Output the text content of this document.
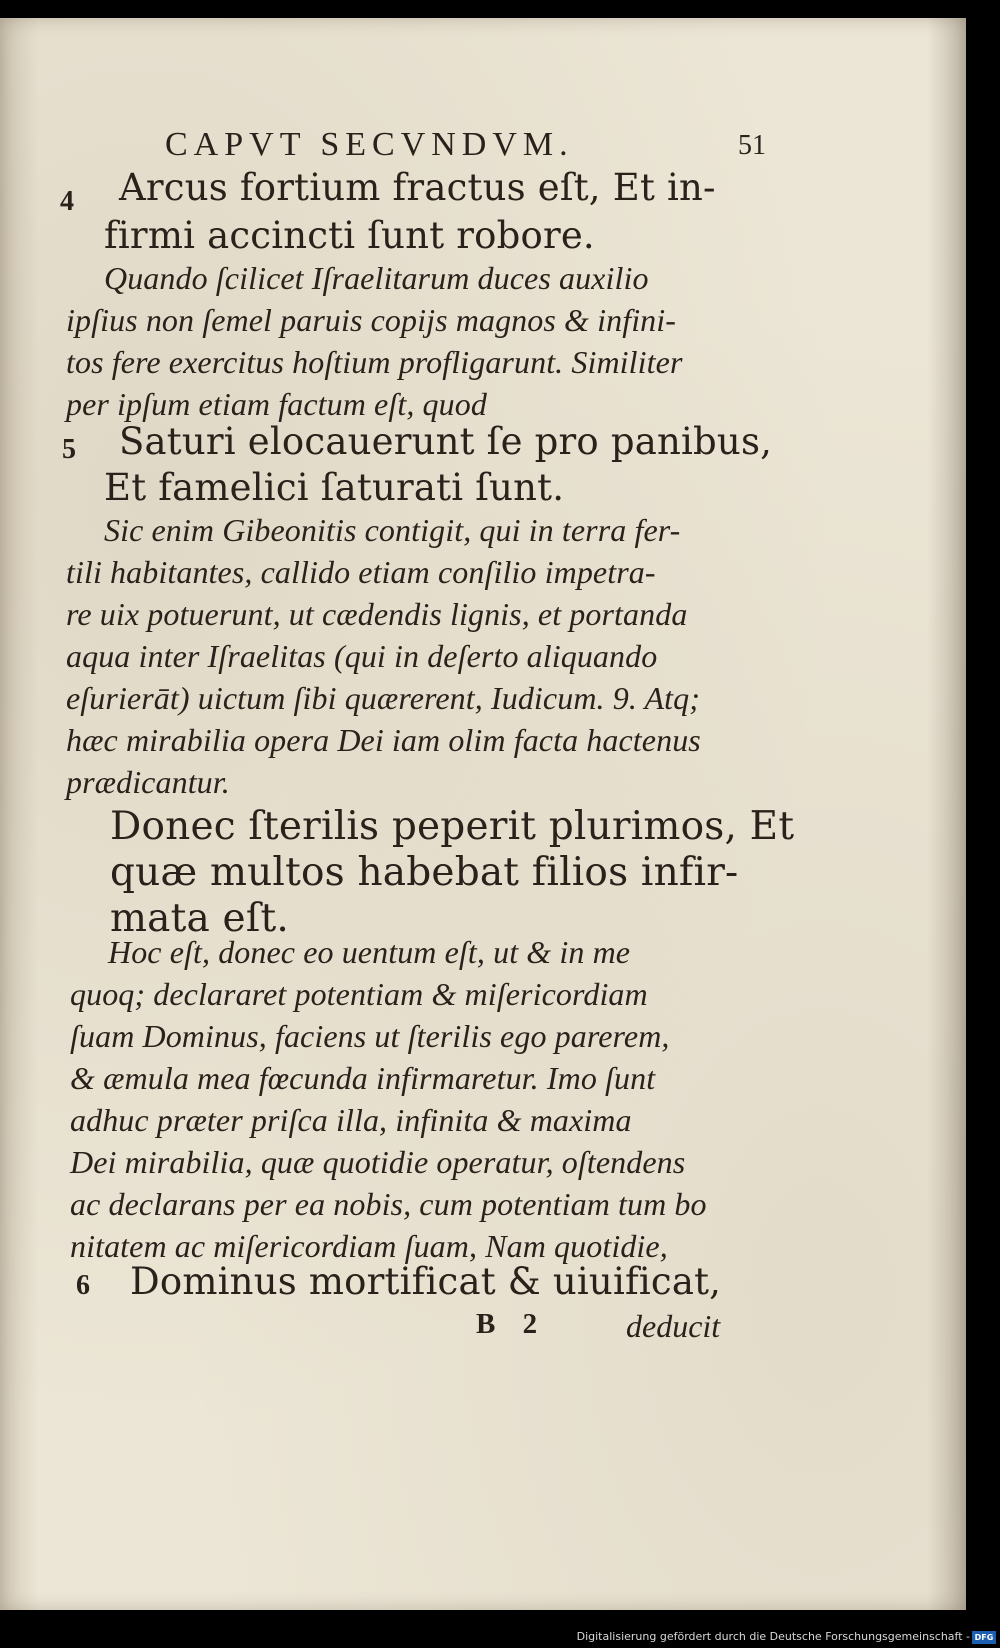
CAPVT SECVNDVM.	51
4 Arcus fortium fractus eſt, Et in-
firmi accincti ſunt robore.
Quando ſcilicet Iſraelitarum duces auxilio
ipſius non ſemel paruis copijs magnos & infini-
tos fere exercitus hoſtium profligarunt. Similiter
per ipſum etiam factum eſt, quod
5 Saturi elocauerunt ſe pro panibus,
Et famelici ſaturati ſunt.
Sic enim Gibeonitis contigit, qui in terra fer-
tili habitantes, callido etiam conſilio impetra-
re uix potuerunt, ut cædendis lignis, et portanda
aqua inter Iſraelitas (qui in deſerto aliquando
eſurierāt) uictum ſibi quærerent, Iudicum. 9. Atq;
hæc mirabilia opera Dei iam olim facta hactenus
prædicantur.
Donec ſterilis peperit plurimos, Et
quæ multos habebat filios infir-
mata eſt.
Hoc eſt, donec eo uentum eſt, ut & in me
quoq; declararet potentiam & miſericordiam
ſuam Dominus, faciens ut ſterilis ego parerem,
& æmula mea fœcunda infirmaretur. Imo ſunt
adhuc præter priſca illa, infinita & maxima
Dei mirabilia, quæ quotidie operatur, oſtendens
ac declarans per ea nobis, cum potentiam tum bo
nitatem ac miſericordiam ſuam, Nam quotidie,
6 Dominus mortificat & uiuificat,
B 2 deducit
Digitalisierung gefördert durch die Deutsche Forschungsgemeinschaft - DFG
